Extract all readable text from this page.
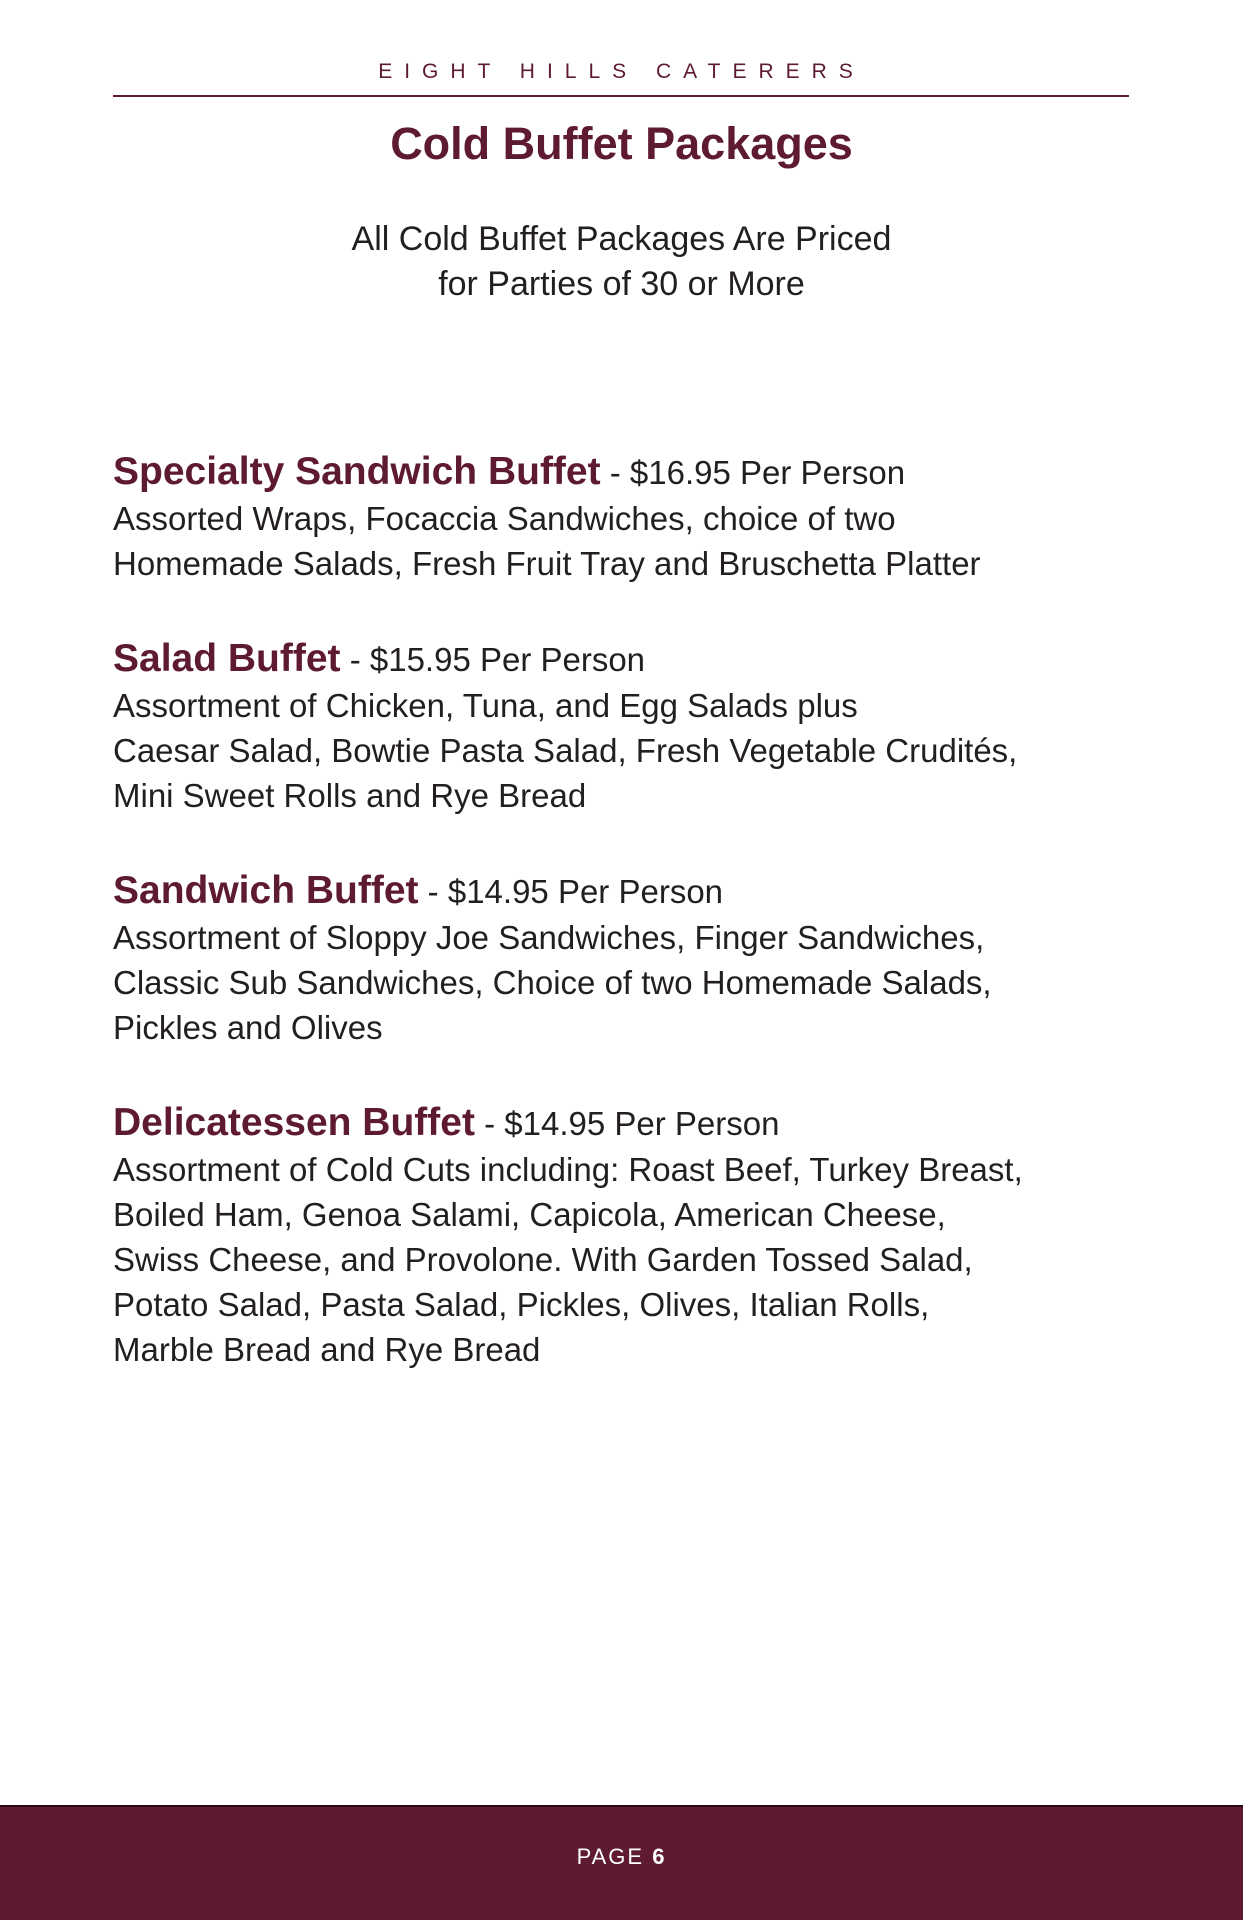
EIGHT HILLS CATERERS
Cold Buffet Packages
All Cold Buffet Packages Are Priced
for Parties of 30 or More
Specialty Sandwich Buffet - $16.95 Per Person
Assorted Wraps, Focaccia Sandwiches, choice of two
Homemade Salads, Fresh Fruit Tray and Bruschetta Platter
Salad Buffet - $15.95 Per Person
Assortment of Chicken, Tuna, and Egg Salads plus
Caesar Salad, Bowtie Pasta Salad, Fresh Vegetable Crudités,
Mini Sweet Rolls and Rye Bread
Sandwich Buffet - $14.95 Per Person
Assortment of Sloppy Joe Sandwiches, Finger Sandwiches,
Classic Sub Sandwiches, Choice of two Homemade Salads,
Pickles and Olives
Delicatessen Buffet - $14.95 Per Person
Assortment of Cold Cuts including: Roast Beef, Turkey Breast,
Boiled Ham, Genoa Salami, Capicola, American Cheese,
Swiss Cheese, and Provolone. With Garden Tossed Salad,
Potato Salad, Pasta Salad, Pickles, Olives, Italian Rolls,
Marble Bread and Rye Bread
PAGE 6
